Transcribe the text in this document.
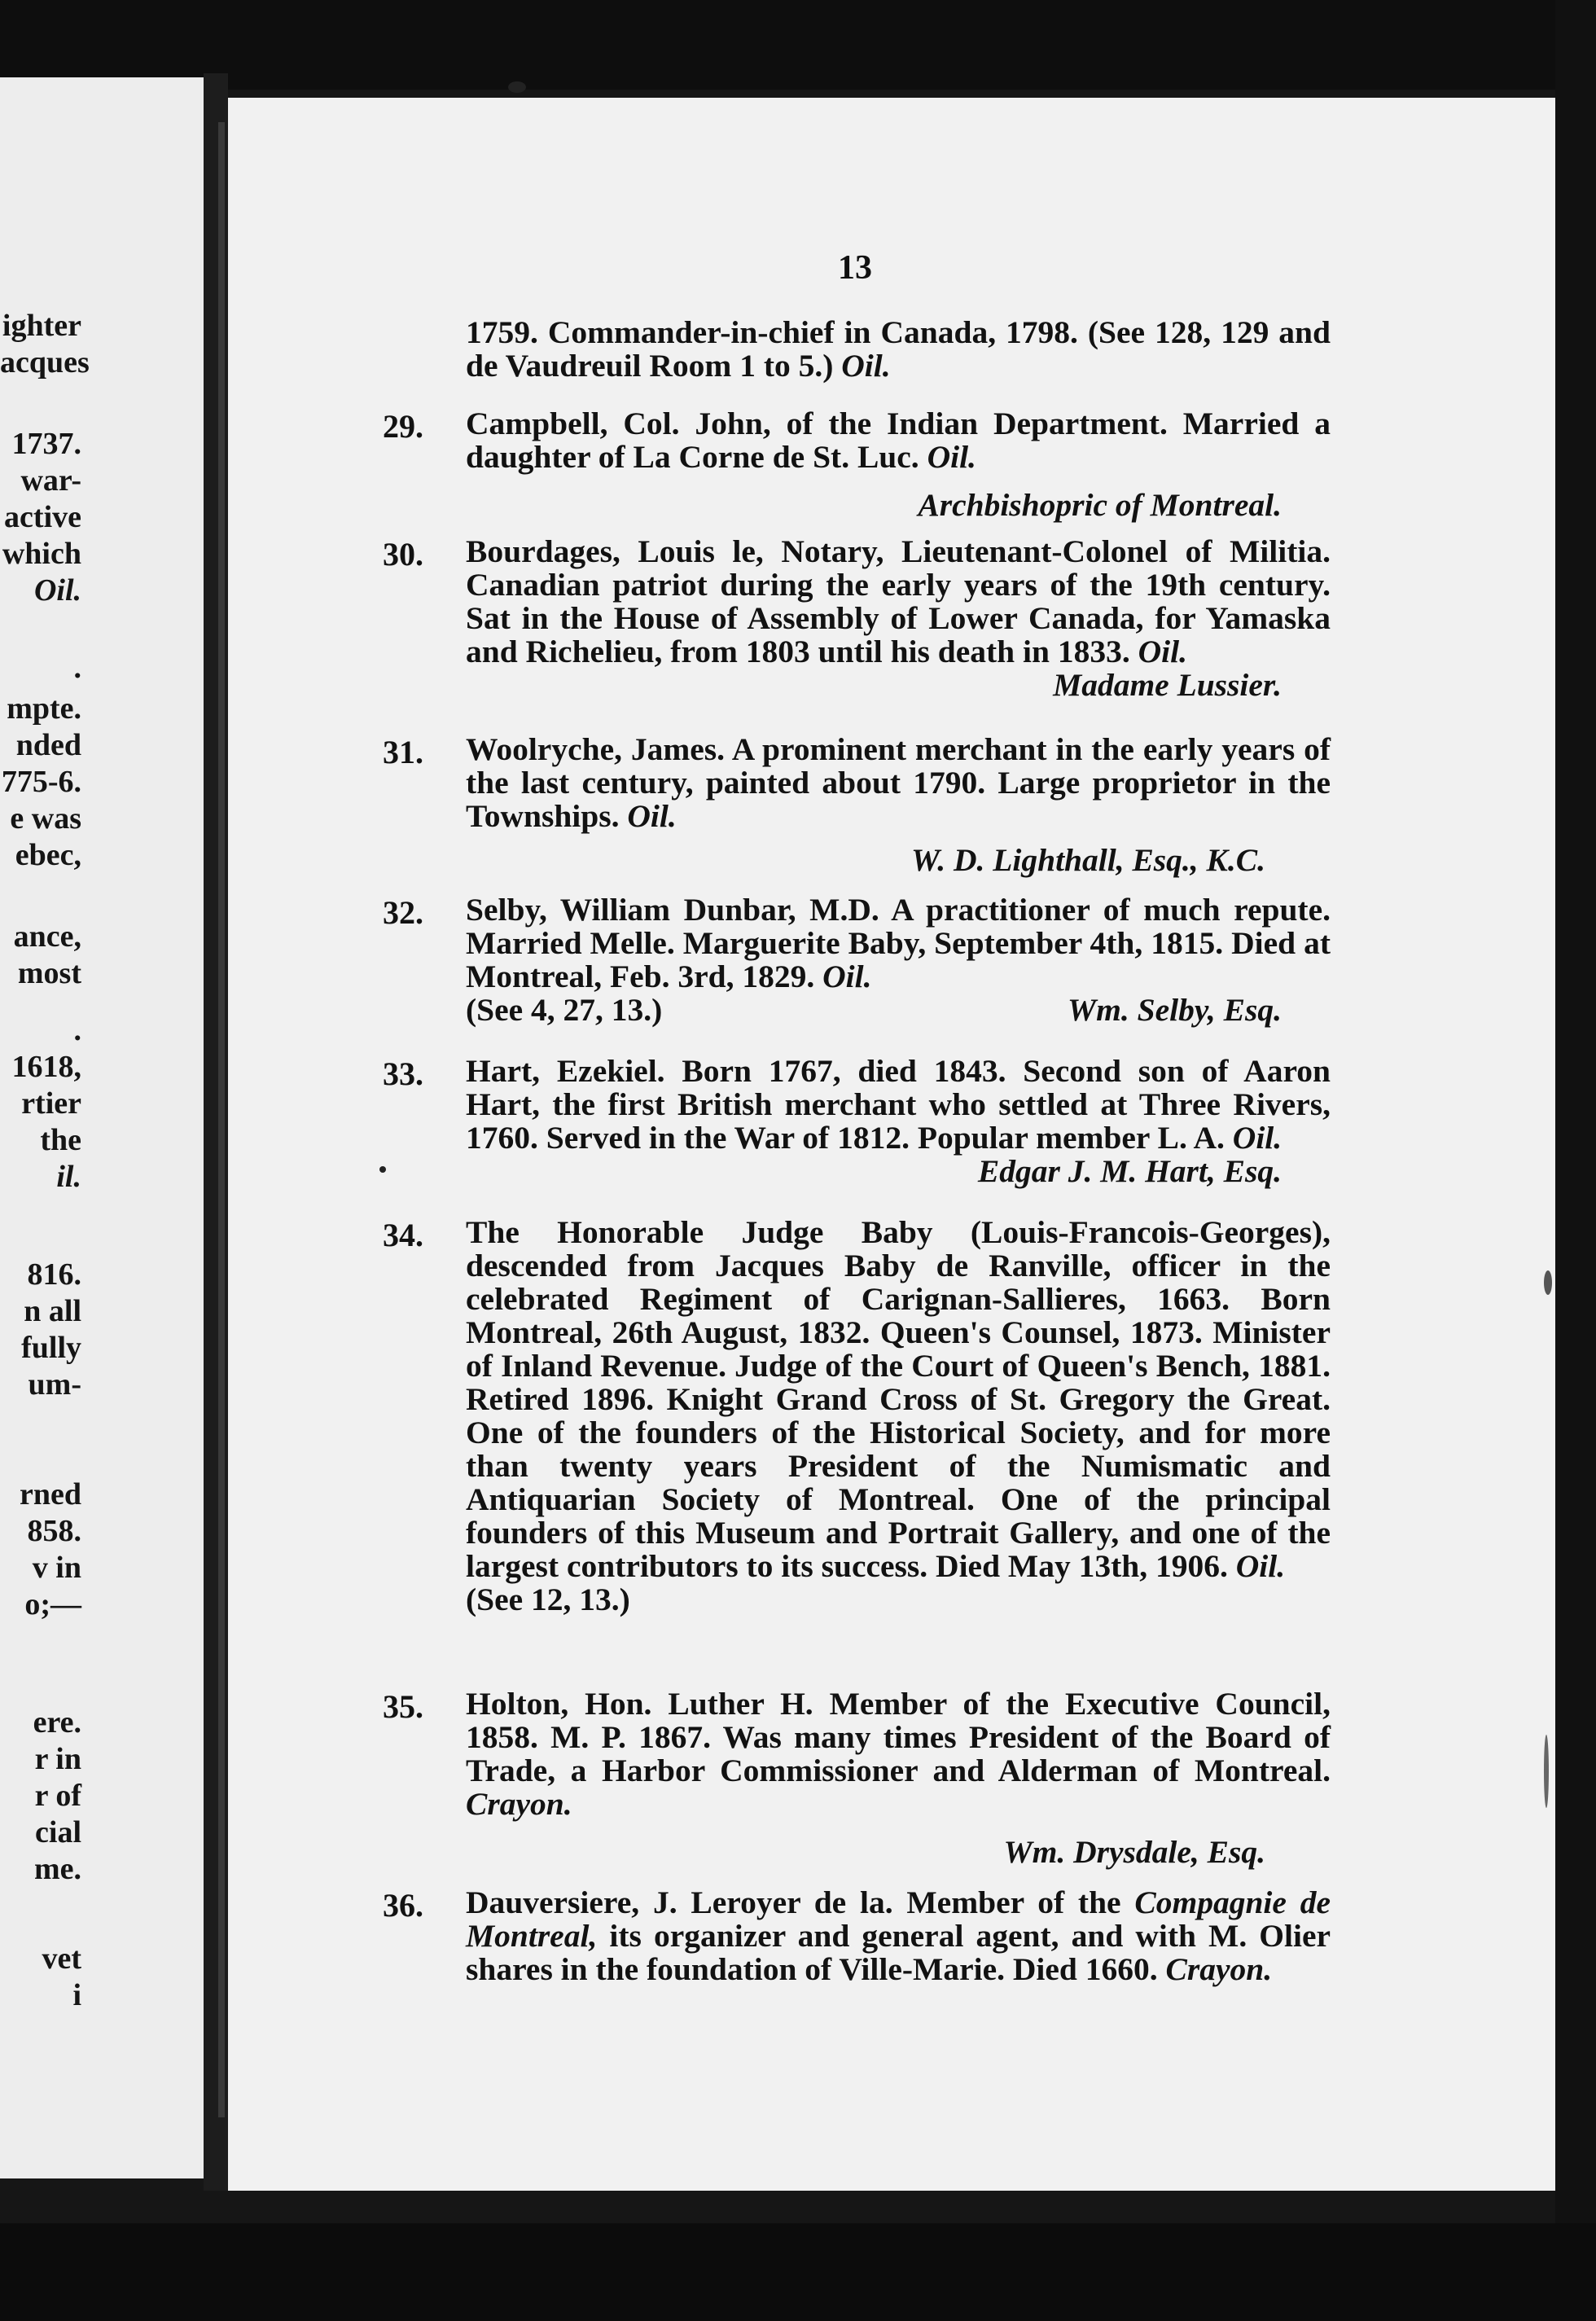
ighter
acques
1737.
war-
active
which
Oil.
.
mpte.
nded
775-6.
e was
ebec,
ance,
most
.
1618,
rtier
the
il.
816.
n all
fully
um-
rned
858.
v in
o;—
ere.
r in
r of
cial
me.
vet
i
13

1759. Commander-in-chief in Canada, 1798. (See 128, 129 and de Vaudreuil Room 1 to 5.) Oil.

29. Campbell, Col. John, of the Indian Department. Married a daughter of La Corne de St. Luc. Oil.

Archbishopric of Montreal.
30. Bourdages, Louis le, Notary, Lieutenant-Colonel of Militia. Canadian patriot during the early years of the 19th century. Sat in the House of Assembly of Lower Canada, for Yamaska and Richelieu, from 1803 until his death in 1833. Oil.
Madame Lussier.

31. Woolryche, James. A prominent merchant in the early years of the last century, painted about 1790. Large proprietor in the Townships. Oil.

W. D. Lighthall, Esq., K.C.
32. Selby, William Dunbar, M.D. A practitioner of much repute. Married Melle. Marguerite Baby, September 4th, 1815. Died at Montreal, Feb. 3rd, 1829. Oil.
(See 4, 27, 13.)	Wm. Selby, Esq.

33. Hart, Ezekiel. Born 1767, died 1843. Second son of Aaron Hart, the first British merchant who settled at Three Rivers, 1760. Served in the War of 1812. Popular member L. A. Oil.
Edgar J. M. Hart, Esq.

34. The Honorable Judge Baby (Louis-Francois-Georges), descended from Jacques Baby de Ranville, officer in the celebrated Regiment of Carignan-Sallieres, 1663. Born Montreal, 26th August, 1832. Queen's Counsel, 1873. Minister of Inland Revenue. Judge of the Court of Queen's Bench, 1881. Retired 1896. Knight Grand Cross of St. Gregory the Great. One of the founders of the Historical Society, and for more than twenty years President of the Numismatic and Antiquarian Society of Montreal. One of the principal founders of this Museum and Portrait Gallery, and one of the largest contributors to its success. Died May 13th, 1906. Oil.
(See 12, 13.)

35. Holton, Hon. Luther H. Member of the Executive Council, 1858. M. P. 1867. Was many times President of the Board of Trade, a Harbor Commissioner and Alderman of Montreal. Crayon.

Wm. Drysdale, Esq.
36. Dauversiere, J. Leroyer de la. Member of the Compagnie de Montreal, its organizer and general agent, and with M. Olier shares in the foundation of Ville-Marie. Died 1660. Crayon.
